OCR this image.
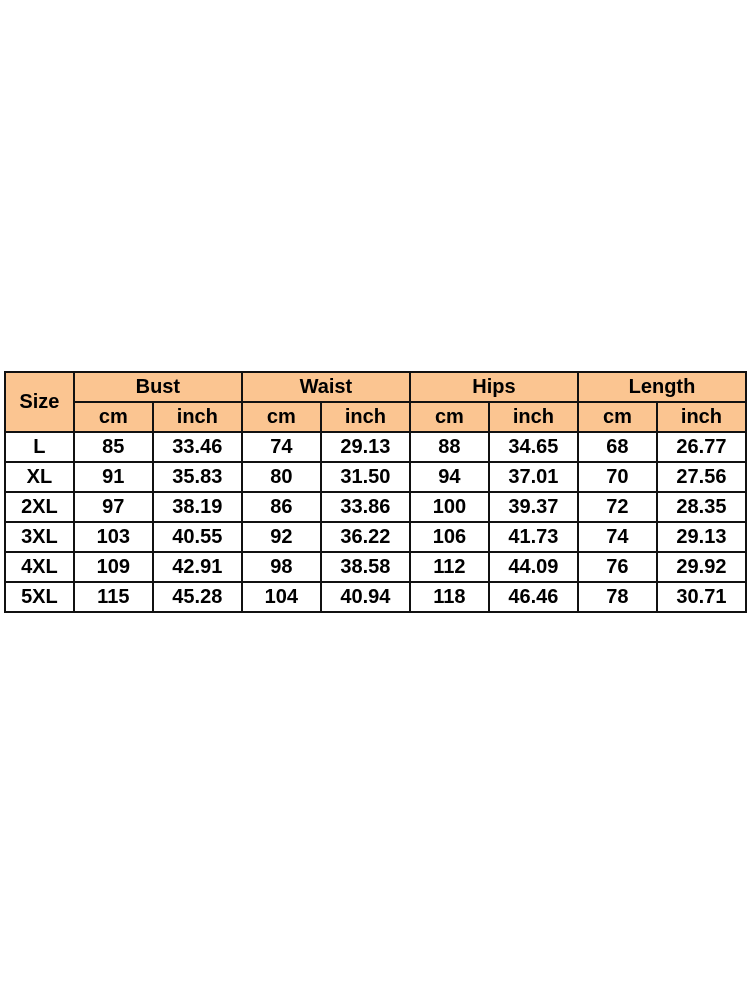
Size	Bust		Waist		Hips		Length	
	cm	inch	cm	inch	cm	inch	cm	inch
L	85	33.46	74	29.13	88	34.65	68	26.77
XL	91	35.83	80	31.50	94	37.01	70	27.56
2XL	97	38.19	86	33.86	100	39.37	72	28.35
3XL	103	40.55	92	36.22	106	41.73	74	29.13
4XL	109	42.91	98	38.58	112	44.09	76	29.92
5XL	115	45.28	104	40.94	118	46.46	78	30.71
